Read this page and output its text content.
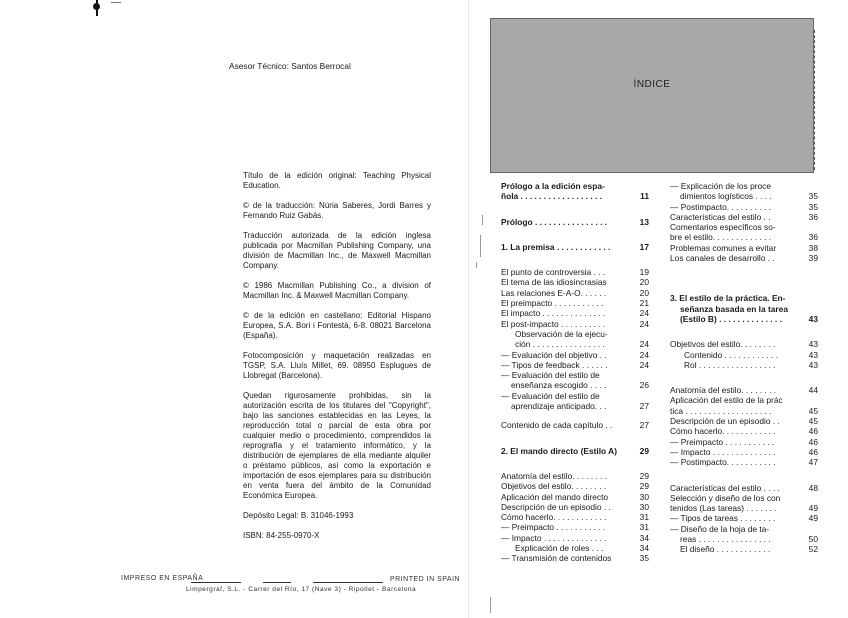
Asesor Técnico: Santos Berrocal

Título de la edición original: Teaching Physical Education.

© de la traducción: Núria Saberes, Jordi Barres y Fernando Ruiz Gabás.

Traducción autorizada de la edición inglesa publicada por Macmillan Publishing Company, una división de Macmillan Inc., de Maxwell Macmillan Company.

© 1986 Macmillan Publishing Co., a division of Macmillan Inc. & Maxwell Macmillan Company.

© de la edición en castellano: Editorial Hispano Europea, S.A. Bori i Fontestà, 6-8. 08021 Barcelona (España).

Fotocomposición y maquetación realizadas en TGSP, S.A. Lluís Millet, 69. 08950 Esplugues de Llobregat (Barcelona).

Quedan rigurosamente prohibidas, sin la autorización escrita de los titulares del "Copyright", bajo las sanciones establecidas en las Leyes, la reproducción total o parcial de esta obra por cualquier medio o procedimiento, comprendidos la reprografía y el tratamiento informático, y la distribución de ejemplares de ella mediante alquiler o préstamo públicos, así como la exportación e importación de esos ejemplares para su distribución en venta fuera del ámbito de la Comunidad Económica Europea.

Depósito Legal: B. 31046-1993

ISBN: 84-255-0970-X

IMPRESO EN ESPAÑA	PRINTED IN SPAIN
Limpergraf, S.L. - Carrer del Río, 17 (Nave 3) - Ripollet - Barcelona
ÍNDICE
Prólogo a la edición espa-
ñola . . . . . . . . . . . . . . . . . .	11
Prólogo . . . . . . . . . . . . . . . .	13
1. La premisa . . . . . . . . . . . .	17
El punto de controversia . . .	19
El tema de las idiosincrasias	20
Las relaciones E-A-O. . . . . .	20
El preimpacto . . . . . . . . . . .	21
El impacto . . . . . . . . . . . . . .	24
El post-impacto . . . . . . . . . .	24
Observación de la ejecu-
ción . . . . . . . . . . . . . . . .	24
— Evaluación del objetivo . .	24
— Tipos de feedback . . . . . .	24
— Evaluación del estilo de
enseñanza escogido . . . .	26
— Evaluación del estilo de
aprendizaje anticipado. . .	27
Contenido de cada capítulo . .	27
2. El mando directo (Estilo A)	29
Anatomía del estilo. . . . . . . .	29
Objetivos del estilo. . . . . . . .	29
Aplicación del mando directo	30
Descripción de un episodio . .	30
Cómo hacerlo. . . . . . . . . . . .	31
— Preimpacto . . . . . . . . . . .	31
— Impacto . . . . . . . . . . . . . .	34
Explicación de roles . . .	34
— Transmisión de contenidos	35
— Explicación de los proce
dimientos logísticos . . . .	35
— Postimpacto. . . . . . . . . .	35
Características del estilo . .	36
Comentarios específicos so-
bre el estilo. . . . . . . . . . . . .	36
Problemas comunes a evitar	38
Los canales de desarrollo . .	39
3. El estilo de la práctica. En-
señanza basada en la tarea
(Estilo B) . . . . . . . . . . . . . .	43
Objetivos del estilo. . . . . . . .	43
Contenido . . . . . . . . . . . .	43
Rol . . . . . . . . . . . . . . . . .	43
Anatomía del estilo. . . . . . . .	44
Aplicación del estilo de la prác
tica . . . . . . . . . . . . . . . . . . .	45
Descripción de un episodio . .	45
Cómo hacerlo. . . . . . . . . . . .	46
— Preimpacto . . . . . . . . . . .	46
— Impacto . . . . . . . . . . . . . .	46
— Postimpacto. . . . . . . . . . .	47
Características del estilo . . . .	48
Selección y diseño de los con
tenidos (Las tareas) . . . . . . .	49
— Tipos de tareas . . . . . . . .	49
— Diseño de la hoja de ta-
reas . . . . . . . . . . . . . . . .	50
El diseño . . . . . . . . . . . .	52
